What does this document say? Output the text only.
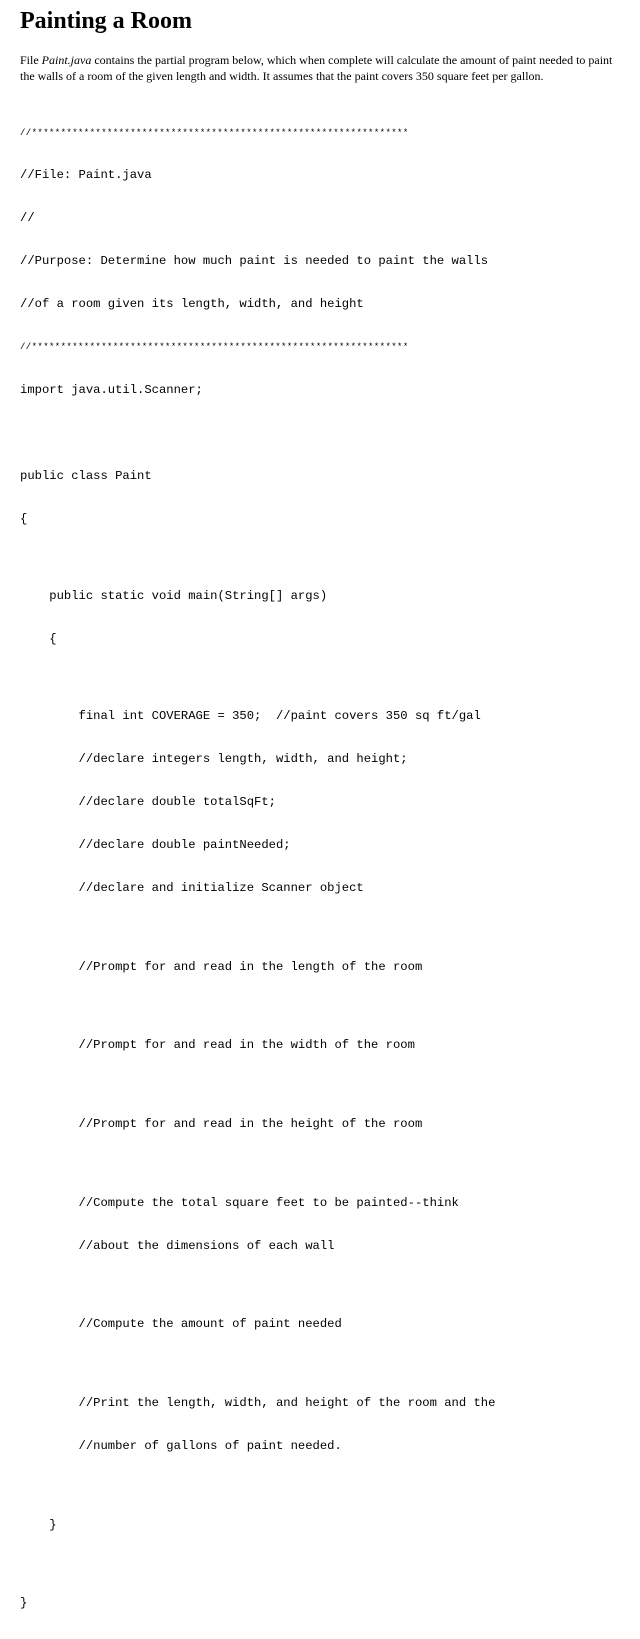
Painting a Room
File Paint.java contains the partial program below, which when complete will calculate the amount of paint needed to paint
the walls of a room of the given length and width. It assumes that the paint covers 350 square feet per gallon.

//*****************************************************************

//File: Paint.java

//

//Purpose: Determine how much paint is needed to paint the walls

//of a room given its length, width, and height

//*****************************************************************

import java.util.Scanner;

public class Paint

{

public static void main(String[] args)

{

final int COVERAGE = 350;  //paint covers 350 sq ft/gal

//declare integers length, width, and height;

//declare double totalSqFt;

//declare double paintNeeded;

//declare and initialize Scanner object

//Prompt for and read in the length of the room

//Prompt for and read in the width of the room

//Prompt for and read in the height of the room

//Compute the total square feet to be painted--think

//about the dimensions of each wall

//Compute the amount of paint needed

//Print the length, width, and height of the room and the

//number of gallons of paint needed.

}

}
